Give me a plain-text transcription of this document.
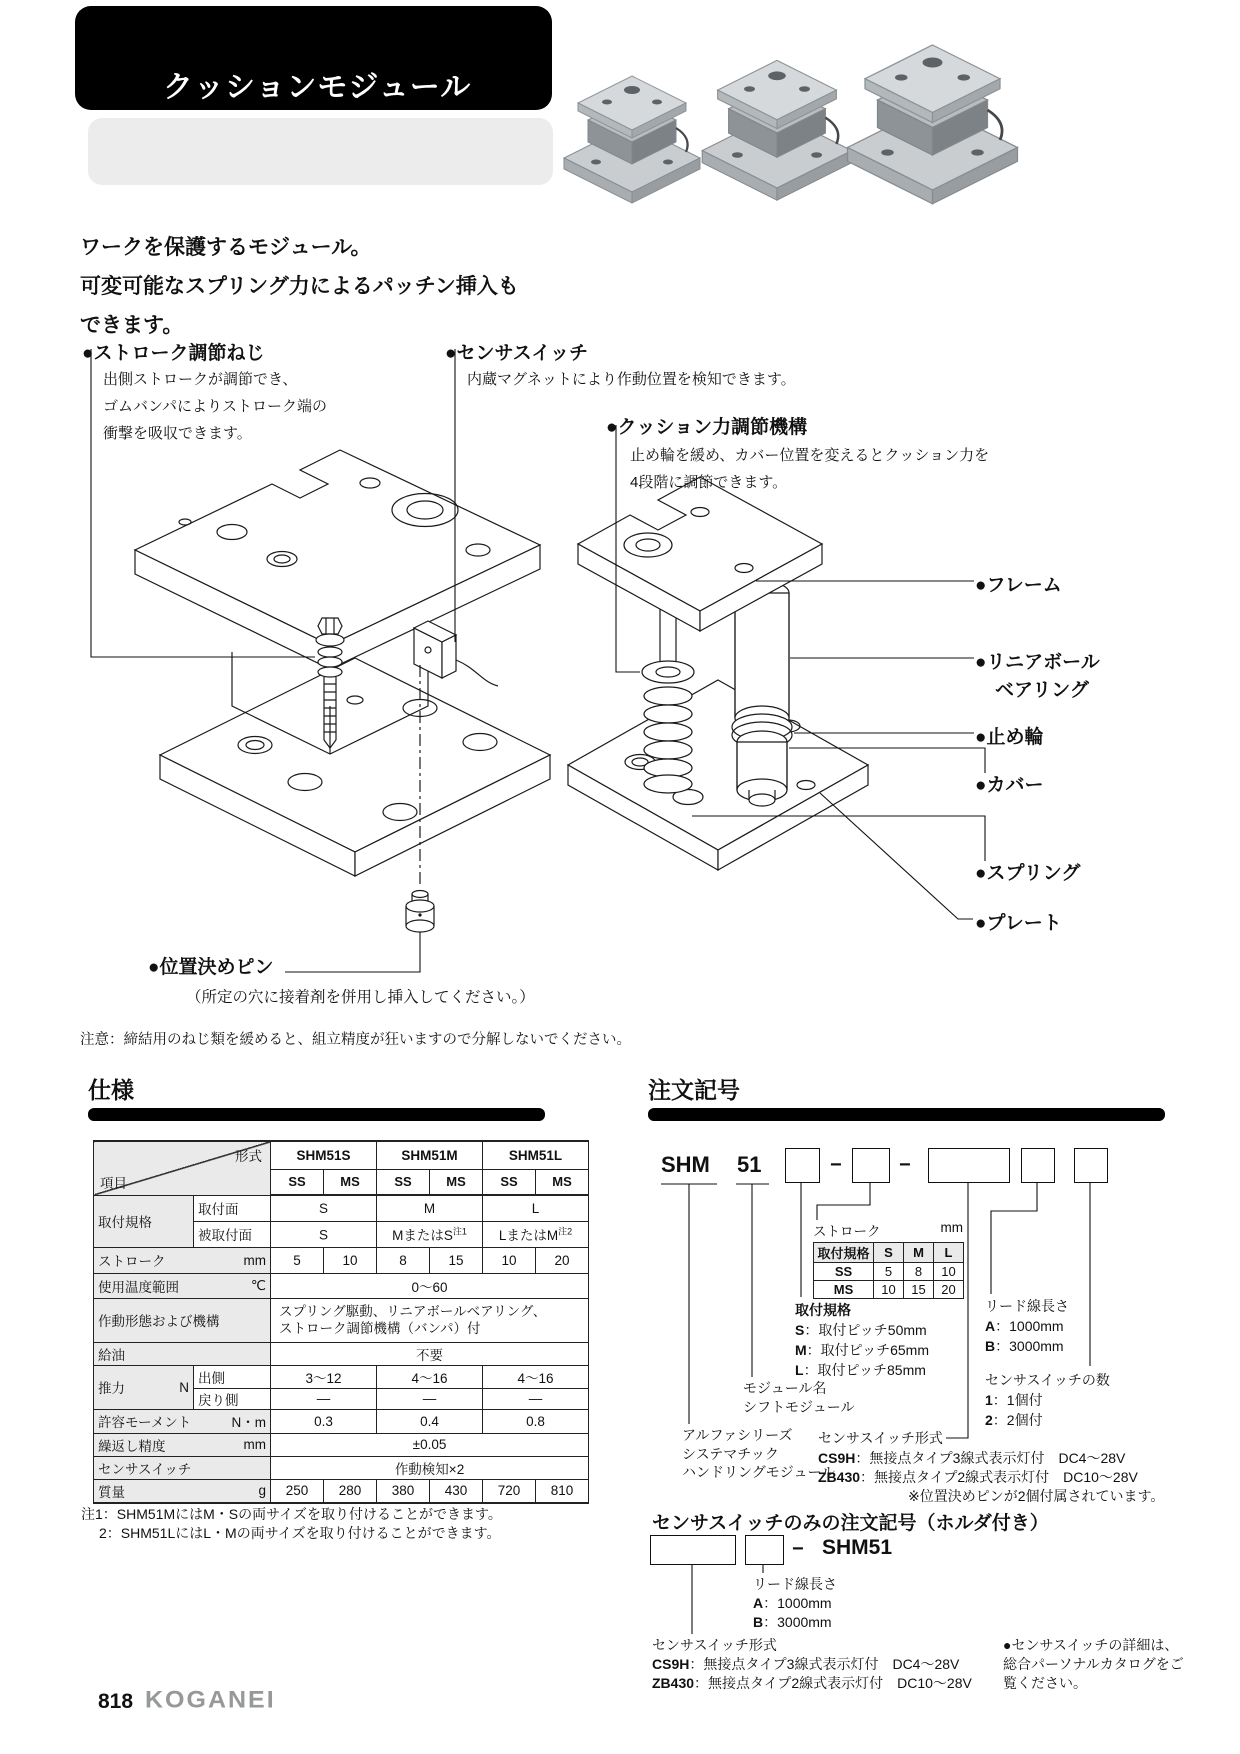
クッションモジュール
ワークを保護するモジュール。
可変可能なスプリング力によるパッチン挿入も
できます。
●ストローク調節ねじ
出側ストロークが調節でき、
ゴムバンパによりストローク端の
衝撃を吸収できます。
●センサスイッチ
内蔵マグネットにより作動位置を検知できます。
●クッション力調節機構
止め輪を緩め、カバー位置を変えるとクッション力を
4段階に調節できます。
●フレーム
●リニアボール
ベアリング
●止め輪
●カバー
●スプリング
●プレート
●位置決めピン
（所定の穴に接着剤を併用し挿入してください。）
注意：締結用のねじ類を緩めると、組立精度が狂いますので分解しないでください。
仕様
形式
項目		SHM51S		SHM51M		SHM51L	
		SS	MS	SS	MS	SS	MS
取付規格	取付面	S		M		L	
	被取付面	S		Mまたは$S^{注1}$		Lまたは$M^{注2}$

ストローク mm		5	10	8	15	10	20

使用温度範囲 ℃		0〜60					
作動形態および機構		スプリング駆動、リニアボールベアリング、
ストローク調節機構（バンパ）付					

給油		不要					

推力 N	出側	3〜12		4〜16		4〜16	
	戻り側	―		―		―	

許容モーメント N・m		0.3		0.4		0.8	

繰返し精度 mm		±0.05					
センサスイッチ		作動検知×2					

質量 g		250	280	380	430	720	810
注1：SHM51MにはM・Sの両サイズを取り付けることができます。
2：SHM51LにはL・Mの両サイズを取り付けることができます。
注文記号
SHM 51	−	−
ストローク	mm
取付規格	S	M	L
SS	5	8	10
MS	10	15	20
取付規格
S：取付ピッチ50mm
M：取付ピッチ65mm
L：取付ピッチ85mm
リード線長さ
A：1000mm
B：3000mm
センサスイッチの数
1：1個付
2：2個付
モジュール名
シフトモジュール
アルファシリーズ
システマチック
ハンドリングモジュール
センサスイッチ形式
CS9H：無接点タイプ3線式表示灯付 DC4〜28V
ZB430：無接点タイプ2線式表示灯付 DC10〜28V
※位置決めピンが2個付属されています。
センサスイッチのみの注文記号（ホルダ付き）
− SHM51
リード線長さ
A：1000mm
B：3000mm
センサスイッチ形式
CS9H：無接点タイプ3線式表示灯付 DC4〜28V
ZB430：無接点タイプ2線式表示灯付 DC10〜28V
●センサスイッチの詳細は、
総合パーソナルカタログをご
覧ください。
818 KOGANEI
